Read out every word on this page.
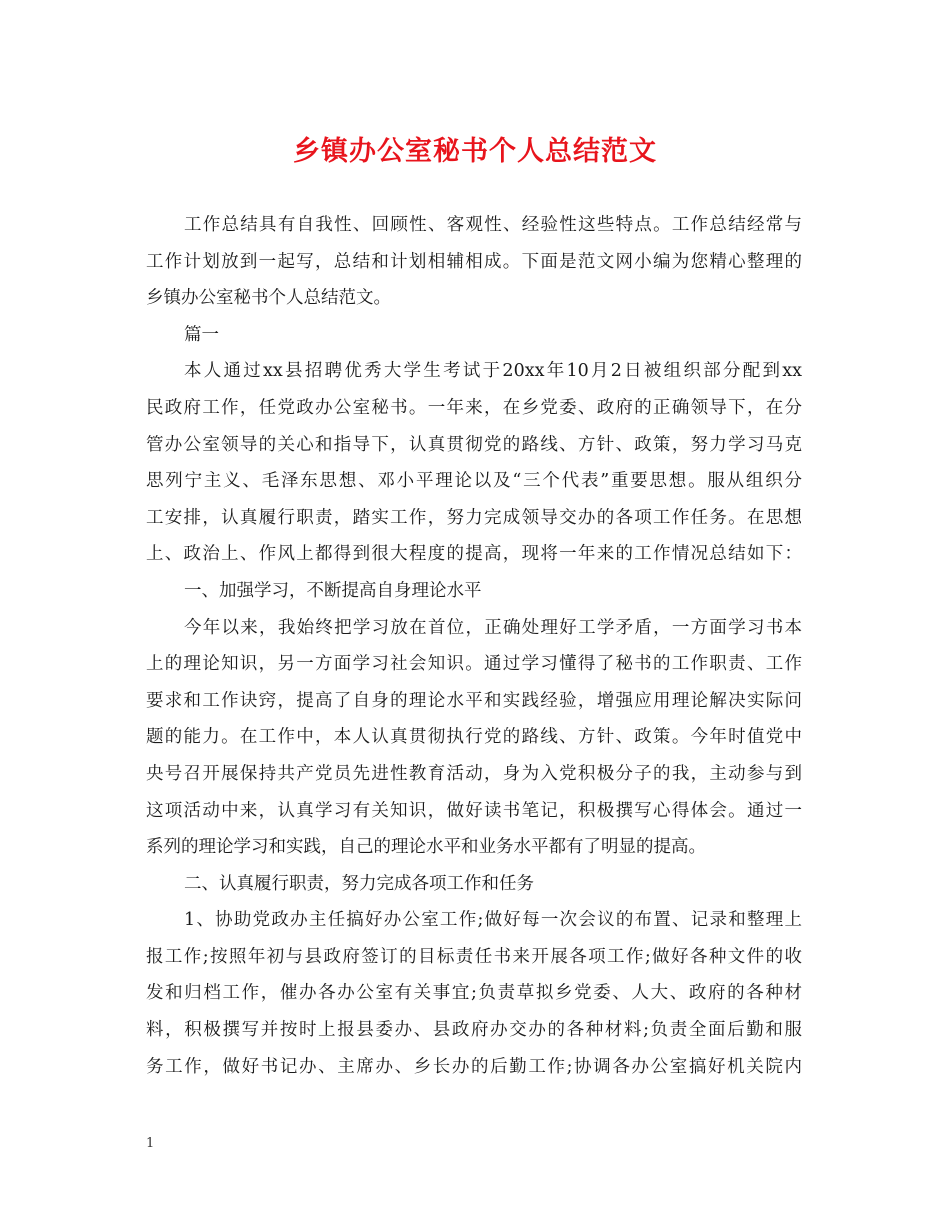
乡镇办公室秘书个人总结范文
工作总结具有自我性、回顾性、客观性、经验性这些特点。工作总结经常与
工作计划放到一起写，总结和计划相辅相成。下面是范文网小编为您精心整理的
乡镇办公室秘书个人总结范文。
篇一
本人通过xx县招聘优秀大学生考试于20xx年10月2日被组织部分配到xx
民政府工作，任党政办公室秘书。一年来，在乡党委、政府的正确领导下，在分
管办公室领导的关心和指导下，认真贯彻党的路线、方针、政策，努力学习马克
思列宁主义、毛泽东思想、邓小平理论以及“三个代表”重要思想。服从组织分
工安排，认真履行职责，踏实工作，努力完成领导交办的各项工作任务。在思想
上、政治上、作风上都得到很大程度的提高，现将一年来的工作情况总结如下：
一、加强学习，不断提高自身理论水平
今年以来，我始终把学习放在首位，正确处理好工学矛盾，一方面学习书本
上的理论知识，另一方面学习社会知识。通过学习懂得了秘书的工作职责、工作
要求和工作诀窍，提高了自身的理论水平和实践经验，增强应用理论解决实际问
题的能力。在工作中，本人认真贯彻执行党的路线、方针、政策。今年时值党中
央号召开展保持共产党员先进性教育活动，身为入党积极分子的我，主动参与到
这项活动中来，认真学习有关知识，做好读书笔记，积极撰写心得体会。通过一
系列的理论学习和实践，自己的理论水平和业务水平都有了明显的提高。
二、认真履行职责，努力完成各项工作和任务
1、协助党政办主任搞好办公室工作;做好每一次会议的布置、记录和整理上
报工作;按照年初与县政府签订的目标责任书来开展各项工作;做好各种文件的收
发和归档工作，催办各办公室有关事宜;负责草拟乡党委、人大、政府的各种材
料，积极撰写并按时上报县委办、县政府办交办的各种材料;负责全面后勤和服
务工作，做好书记办、主席办、乡长办的后勤工作;协调各办公室搞好机关院内
1
